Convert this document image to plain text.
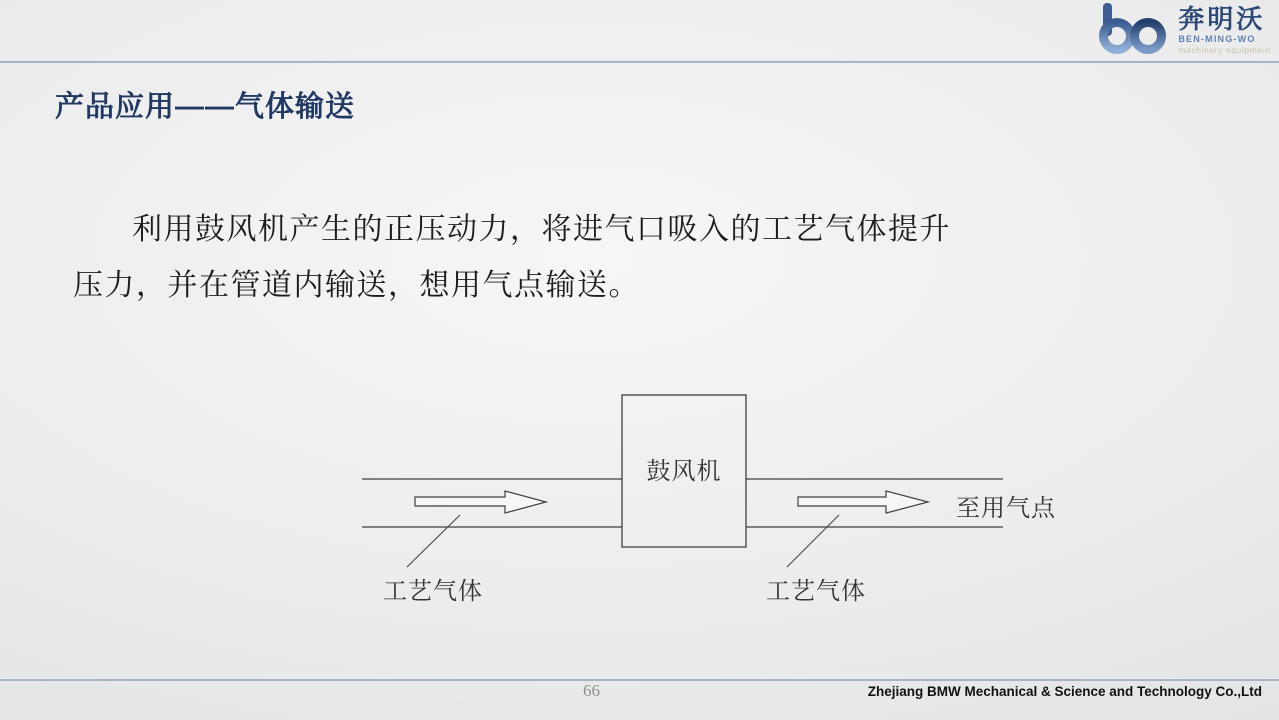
奔明沃
BEN-MING-WO
machinery equipment
产品应用——气体输送
利用鼓风机产生的正压动力，将进气口吸入的工艺气体提升
压力，并在管道内输送，想用气点输送。
鼓风机
至用气点
工艺气体	工艺气体
66	Zhejiang BMW Mechanical & Science and Technology Co.,Ltd
